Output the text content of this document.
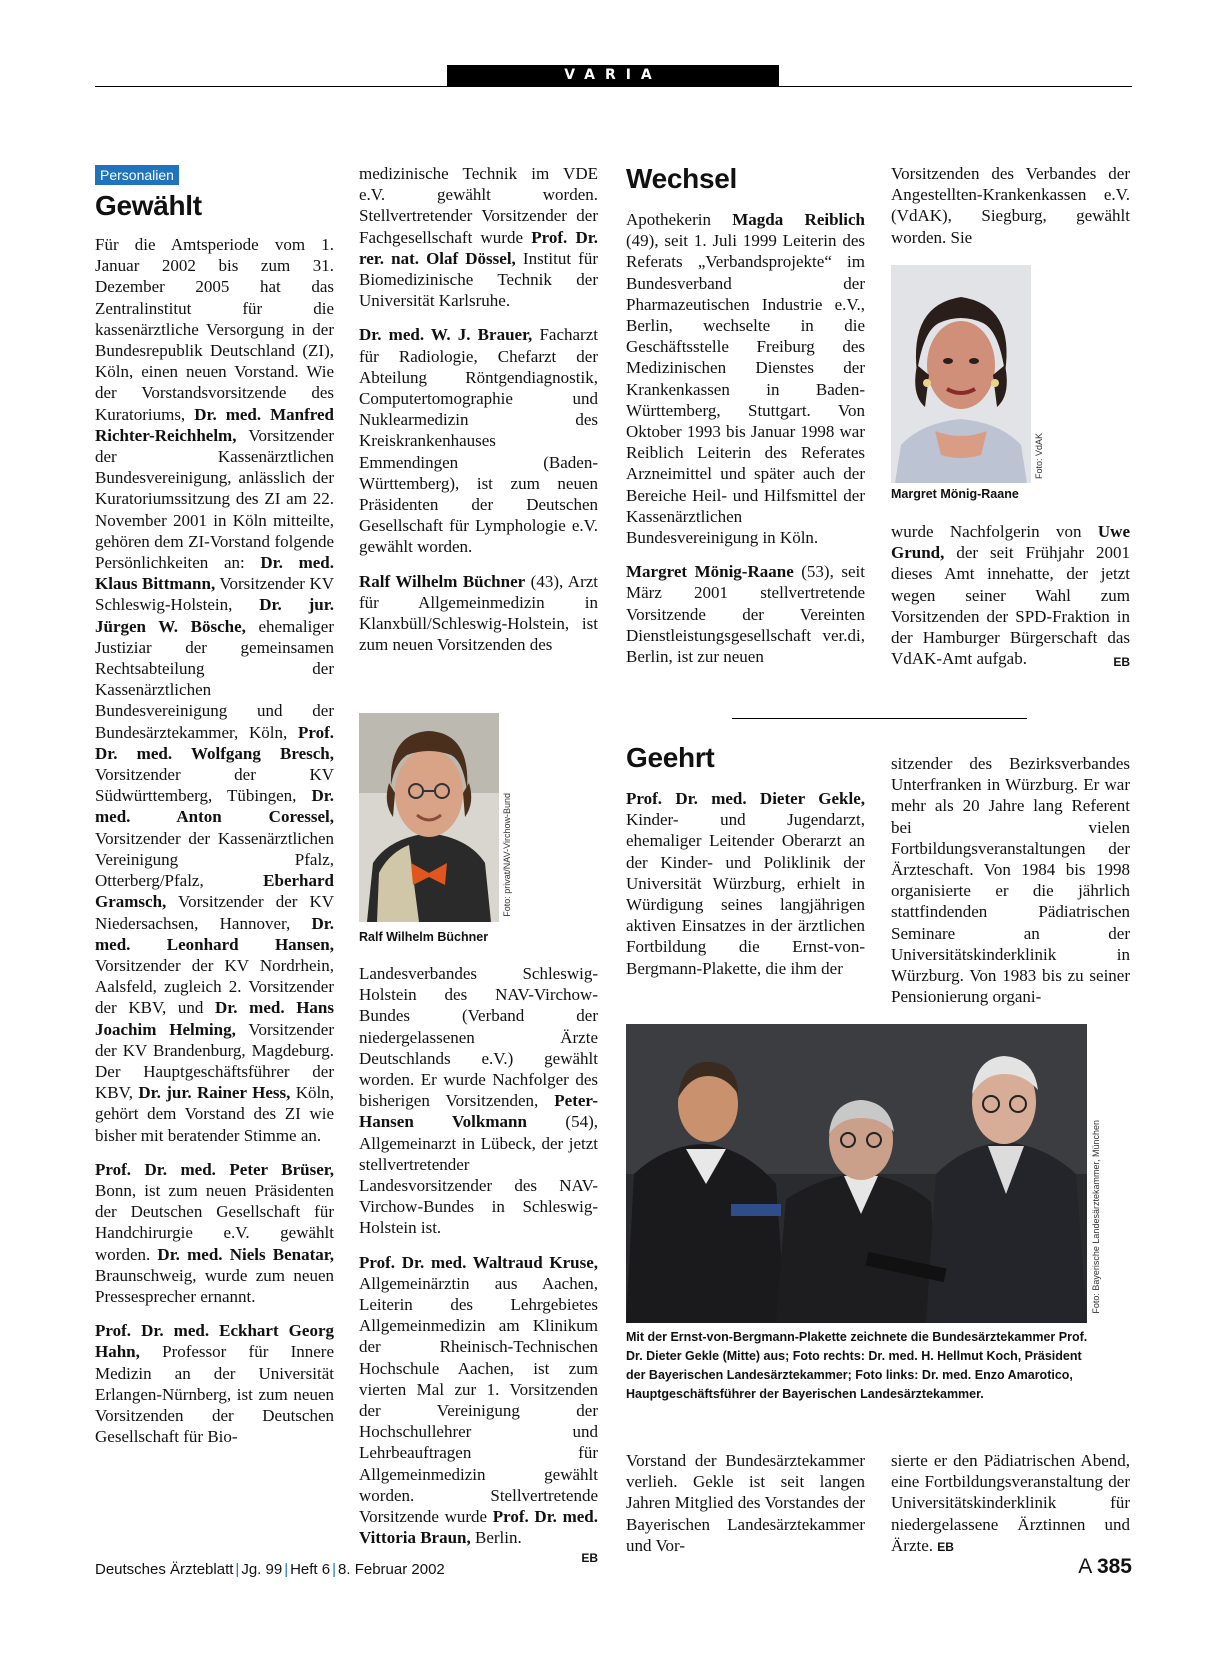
VARIA
Personalien
Gewählt

Für die Amtsperiode vom 1. Januar 2002 bis zum 31. Dezember 2005 hat das Zentralinstitut für die kassenärztliche Versorgung in der Bundesrepublik Deutschland (ZI), Köln, einen neuen Vorstand. Wie der Vorstandsvorsitzende des Kuratoriums, Dr. med. Manfred Richter-Reichhelm, Vorsitzender der Kassenärztlichen Bundesvereinigung, anlässlich der Kuratoriumssitzung des ZI am 22. November 2001 in Köln mitteilte, gehören dem ZI-Vorstand folgende Persönlichkeiten an: Dr. med. Klaus Bittmann, Vorsitzender KV Schleswig-Holstein, Dr. jur. Jürgen W. Bösche, ehemaliger Justiziar der gemeinsamen Rechtsabteilung der Kassenärztlichen Bundesvereinigung und der Bundesärztekammer, Köln, Prof. Dr. med. Wolfgang Bresch, Vorsitzender der KV Südwürttemberg, Tübingen, Dr. med. Anton Coressel, Vorsitzender der Kassenärztlichen Vereinigung Pfalz, Otterberg/Pfalz, Eberhard Gramsch, Vorsitzender der KV Niedersachsen, Hannover, Dr. med. Leonhard Hansen, Vorsitzender der KV Nordrhein, Aalsfeld, zugleich 2. Vorsitzender der KBV, und Dr. med. Hans Joachim Helming, Vorsitzender der KV Brandenburg, Magdeburg. Der Hauptgeschäftsführer der KBV, Dr. jur. Rainer Hess, Köln, gehört dem Vorstand des ZI wie bisher mit beratender Stimme an.

Prof. Dr. med. Peter Brüser, Bonn, ist zum neuen Präsidenten der Deutschen Gesellschaft für Handchirurgie e.V. gewählt worden. Dr. med. Niels Benatar, Braunschweig, wurde zum neuen Pressesprecher ernannt.

Prof. Dr. med. Eckhart Georg Hahn, Professor für Innere Medizin an der Universität Erlangen-Nürnberg, ist zum neuen Vorsitzenden der Deutschen Gesellschaft für Bio-

medizinische Technik im VDE e.V. gewählt worden. Stellvertretender Vorsitzender der Fachgesellschaft wurde Prof. Dr. rer. nat. Olaf Dössel, Institut für Biomedizinische Technik der Universität Karlsruhe.

Dr. med. W. J. Brauer, Facharzt für Radiologie, Chefarzt der Abteilung Röntgendiagnostik, Computertomographie und Nuklearmedizin des Kreiskrankenhauses Emmendingen (Baden-Württemberg), ist zum neuen Präsidenten der Deutschen Gesellschaft für Lymphologie e.V. gewählt worden.

Ralf Wilhelm Büchner (43), Arzt für Allgemeinmedizin in Klanxbüll/Schleswig-Holstein, ist zum neuen Vorsitzenden des

Foto: privat/NAV-Virchow-Bund
Ralf Wilhelm Büchner

Landesverbandes Schleswig-Holstein des NAV-Virchow-Bundes (Verband der niedergelassenen Ärzte Deutschlands e.V.) gewählt worden. Er wurde Nachfolger des bisherigen Vorsitzenden, Peter-Hansen Volkmann (54), Allgemeinarzt in Lübeck, der jetzt stellvertretender Landesvorsitzender des NAV-Virchow-Bundes in Schleswig-Holstein ist.

Prof. Dr. med. Waltraud Kruse, Allgemeinärztin aus Aachen, Leiterin des Lehrgebietes Allgemeinmedizin am Klinikum der Rheinisch-Technischen Hochschule Aachen, ist zum vierten Mal zur 1. Vorsitzenden der Vereinigung der Hochschullehrer und Lehrbeauftragen für Allgemeinmedizin gewählt worden. Stellvertretende Vorsitzende wurde Prof. Dr. med. Vittoria Braun, Berlin.

EB
Wechsel

Apothekerin Magda Reiblich (49), seit 1. Juli 1999 Leiterin des Referats „Verbandsprojekte“ im Bundesverband der Pharmazeutischen Industrie e.V., Berlin, wechselte in die Geschäftsstelle Freiburg des Medizinischen Dienstes der Krankenkassen in Baden-Württemberg, Stuttgart. Von Oktober 1993 bis Januar 1998 war Reiblich Leiterin des Referates Arzneimittel und später auch der Bereiche Heil- und Hilfsmittel der Kassenärztlichen Bundesvereinigung in Köln.

Margret Mönig-Raane (53), seit März 2001 stellvertretende Vorsitzende der Vereinten Dienstleistungsgesellschaft ver.di, Berlin, ist zur neuen

Vorsitzenden des Verbandes der Angestellten-Krankenkassen e.V. (VdAK), Siegburg, gewählt worden. Sie

Foto: VdAK
Margret Mönig-Raane

wurde Nachfolgerin von Uwe Grund, der seit Frühjahr 2001 dieses Amt innehatte, der jetzt wegen seiner Wahl zum Vorsitzenden der SPD-Fraktion in der Hamburger Bürgerschaft das VdAK-Amt aufgab.	EB

Geehrt

Prof. Dr. med. Dieter Gekle, Kinder- und Jugendarzt, ehemaliger Leitender Oberarzt an der Kinder- und Poliklinik der Universität Würzburg, erhielt in Würdigung seines langjährigen aktiven Einsatzes in der ärztlichen Fortbildung die Ernst-von-Bergmann-Plakette, die ihm der

sitzender des Bezirksverbandes Unterfranken in Würzburg. Er war mehr als 20 Jahre lang Referent bei vielen Fortbildungsveranstaltungen der Ärzteschaft. Von 1984 bis 1998 organisierte er die jährlich stattfindenden Pädiatrischen Seminare an der Universitätskinderklinik in Würzburg. Von 1983 bis zu seiner Pensionierung organi-

Foto: Bayerische Landesärztekammer, München
Mit der Ernst-von-Bergmann-Plakette zeichnete die Bundesärztekammer Prof. Dr. Dieter Gekle (Mitte) aus; Foto rechts: Dr. med. H. Hellmut Koch, Präsident der Bayerischen Landesärztekammer; Foto links: Dr. med. Enzo Amarotico, Hauptgeschäftsführer der Bayerischen Landesärztekammer.

Vorstand der Bundesärztekammer verlieh. Gekle ist seit langen Jahren Mitglied des Vorstandes der Bayerischen Landesärztekammer und Vor-

sierte er den Pädiatrischen Abend, eine Fortbildungsveranstaltung der Universitätskinderklinik für niedergelassene Ärztinnen und Ärzte. EB

Deutsches Ärzteblatt | Jg. 99 | Heft 6 | 8. Februar 2002	A 385
